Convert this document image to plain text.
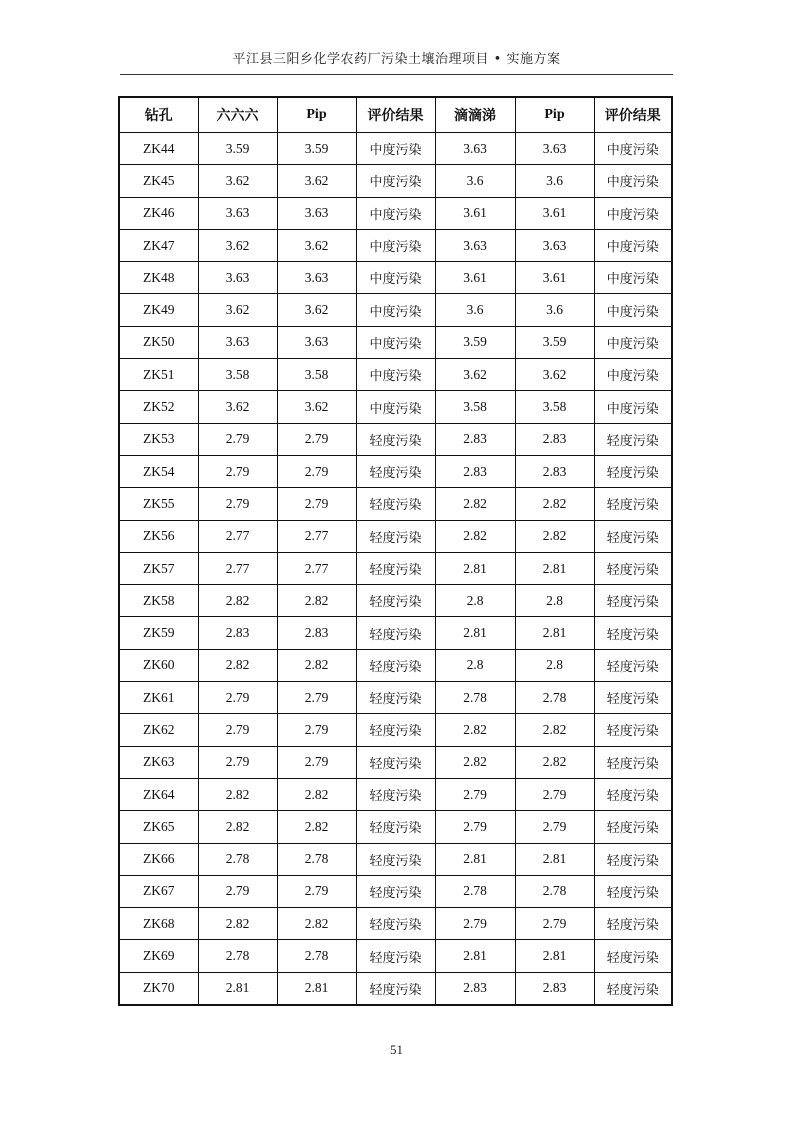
平江县三阳乡化学农药厂污染土壤治理项目 • 实施方案
钻孔	六六六	Pip	评价结果	滴滴涕	Pip	评价结果
ZK44	3.59	3.59	中度污染	3.63	3.63	中度污染
ZK45	3.62	3.62	中度污染	3.6	3.6	中度污染
ZK46	3.63	3.63	中度污染	3.61	3.61	中度污染
ZK47	3.62	3.62	中度污染	3.63	3.63	中度污染
ZK48	3.63	3.63	中度污染	3.61	3.61	中度污染
ZK49	3.62	3.62	中度污染	3.6	3.6	中度污染
ZK50	3.63	3.63	中度污染	3.59	3.59	中度污染
ZK51	3.58	3.58	中度污染	3.62	3.62	中度污染
ZK52	3.62	3.62	中度污染	3.58	3.58	中度污染
ZK53	2.79	2.79	轻度污染	2.83	2.83	轻度污染
ZK54	2.79	2.79	轻度污染	2.83	2.83	轻度污染
ZK55	2.79	2.79	轻度污染	2.82	2.82	轻度污染
ZK56	2.77	2.77	轻度污染	2.82	2.82	轻度污染
ZK57	2.77	2.77	轻度污染	2.81	2.81	轻度污染
ZK58	2.82	2.82	轻度污染	2.8	2.8	轻度污染
ZK59	2.83	2.83	轻度污染	2.81	2.81	轻度污染
ZK60	2.82	2.82	轻度污染	2.8	2.8	轻度污染
ZK61	2.79	2.79	轻度污染	2.78	2.78	轻度污染
ZK62	2.79	2.79	轻度污染	2.82	2.82	轻度污染
ZK63	2.79	2.79	轻度污染	2.82	2.82	轻度污染
ZK64	2.82	2.82	轻度污染	2.79	2.79	轻度污染
ZK65	2.82	2.82	轻度污染	2.79	2.79	轻度污染
ZK66	2.78	2.78	轻度污染	2.81	2.81	轻度污染
ZK67	2.79	2.79	轻度污染	2.78	2.78	轻度污染
ZK68	2.82	2.82	轻度污染	2.79	2.79	轻度污染
ZK69	2.78	2.78	轻度污染	2.81	2.81	轻度污染
ZK70	2.81	2.81	轻度污染	2.83	2.83	轻度污染
51
